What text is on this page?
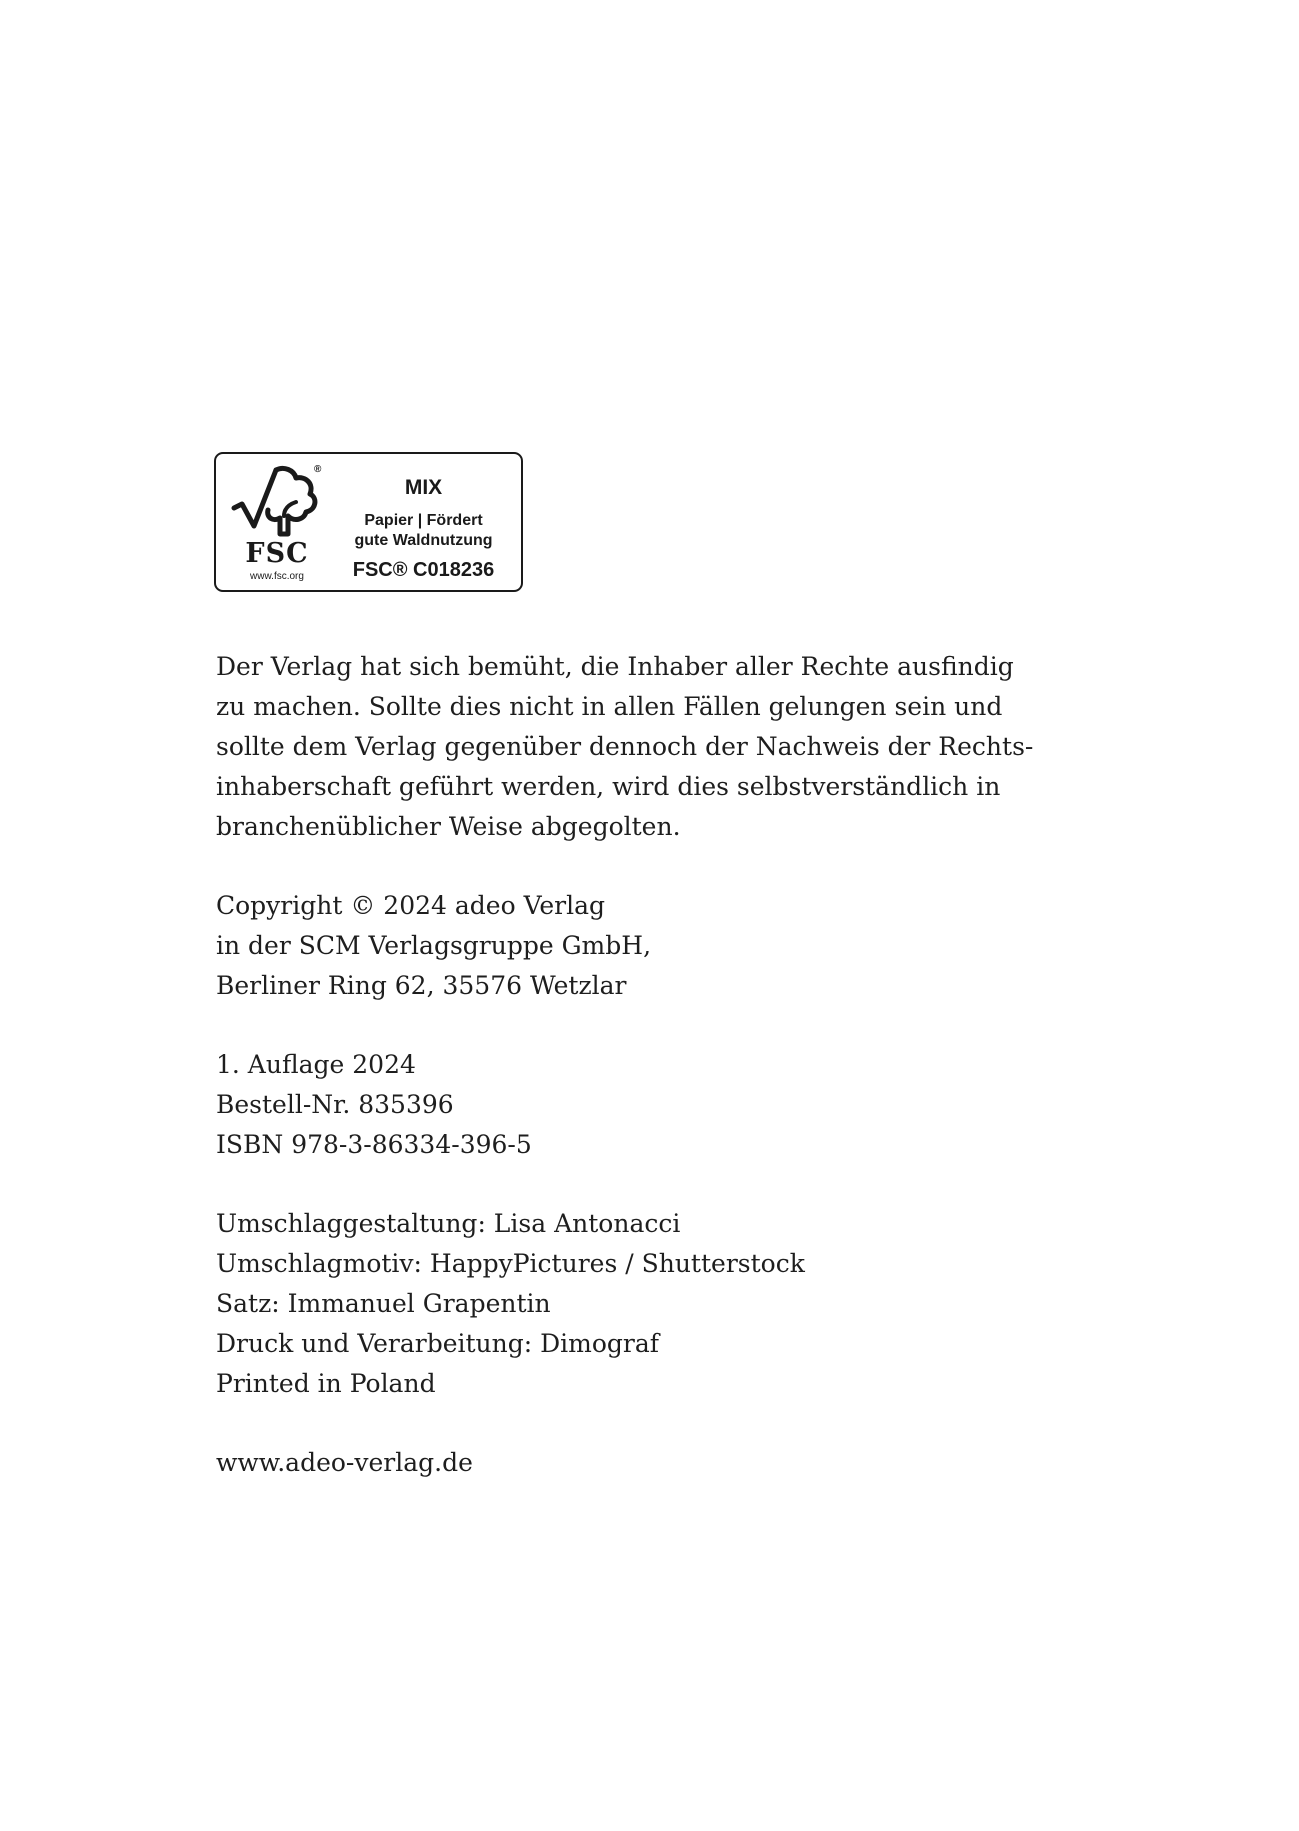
®
FSC
www.fsc.org
MIX
Papier | Fördert
gute Waldnutzung
FSC® C018236

Der Verlag hat sich bemüht, die Inhaber aller Rechte ausfindig

zu machen. Sollte dies nicht in allen Fällen gelungen sein und

sollte dem Verlag gegenüber dennoch der Nachweis der Rechts-

inhaberschaft geführt werden, wird dies selbstverständlich in

branchenüblicher Weise abgegolten.

Copyright © 2024 adeo Verlag

in der SCM Verlagsgruppe GmbH,

Berliner Ring 62, 35576 Wetzlar

1. Auflage 2024

Bestell-Nr. 835396

ISBN 978-3-86334-396-5

Umschlaggestaltung: Lisa Antonacci

Umschlagmotiv: HappyPictures / Shutterstock

Satz: Immanuel Grapentin

Druck und Verarbeitung: Dimograf

Printed in Poland

www.adeo-verlag.de
